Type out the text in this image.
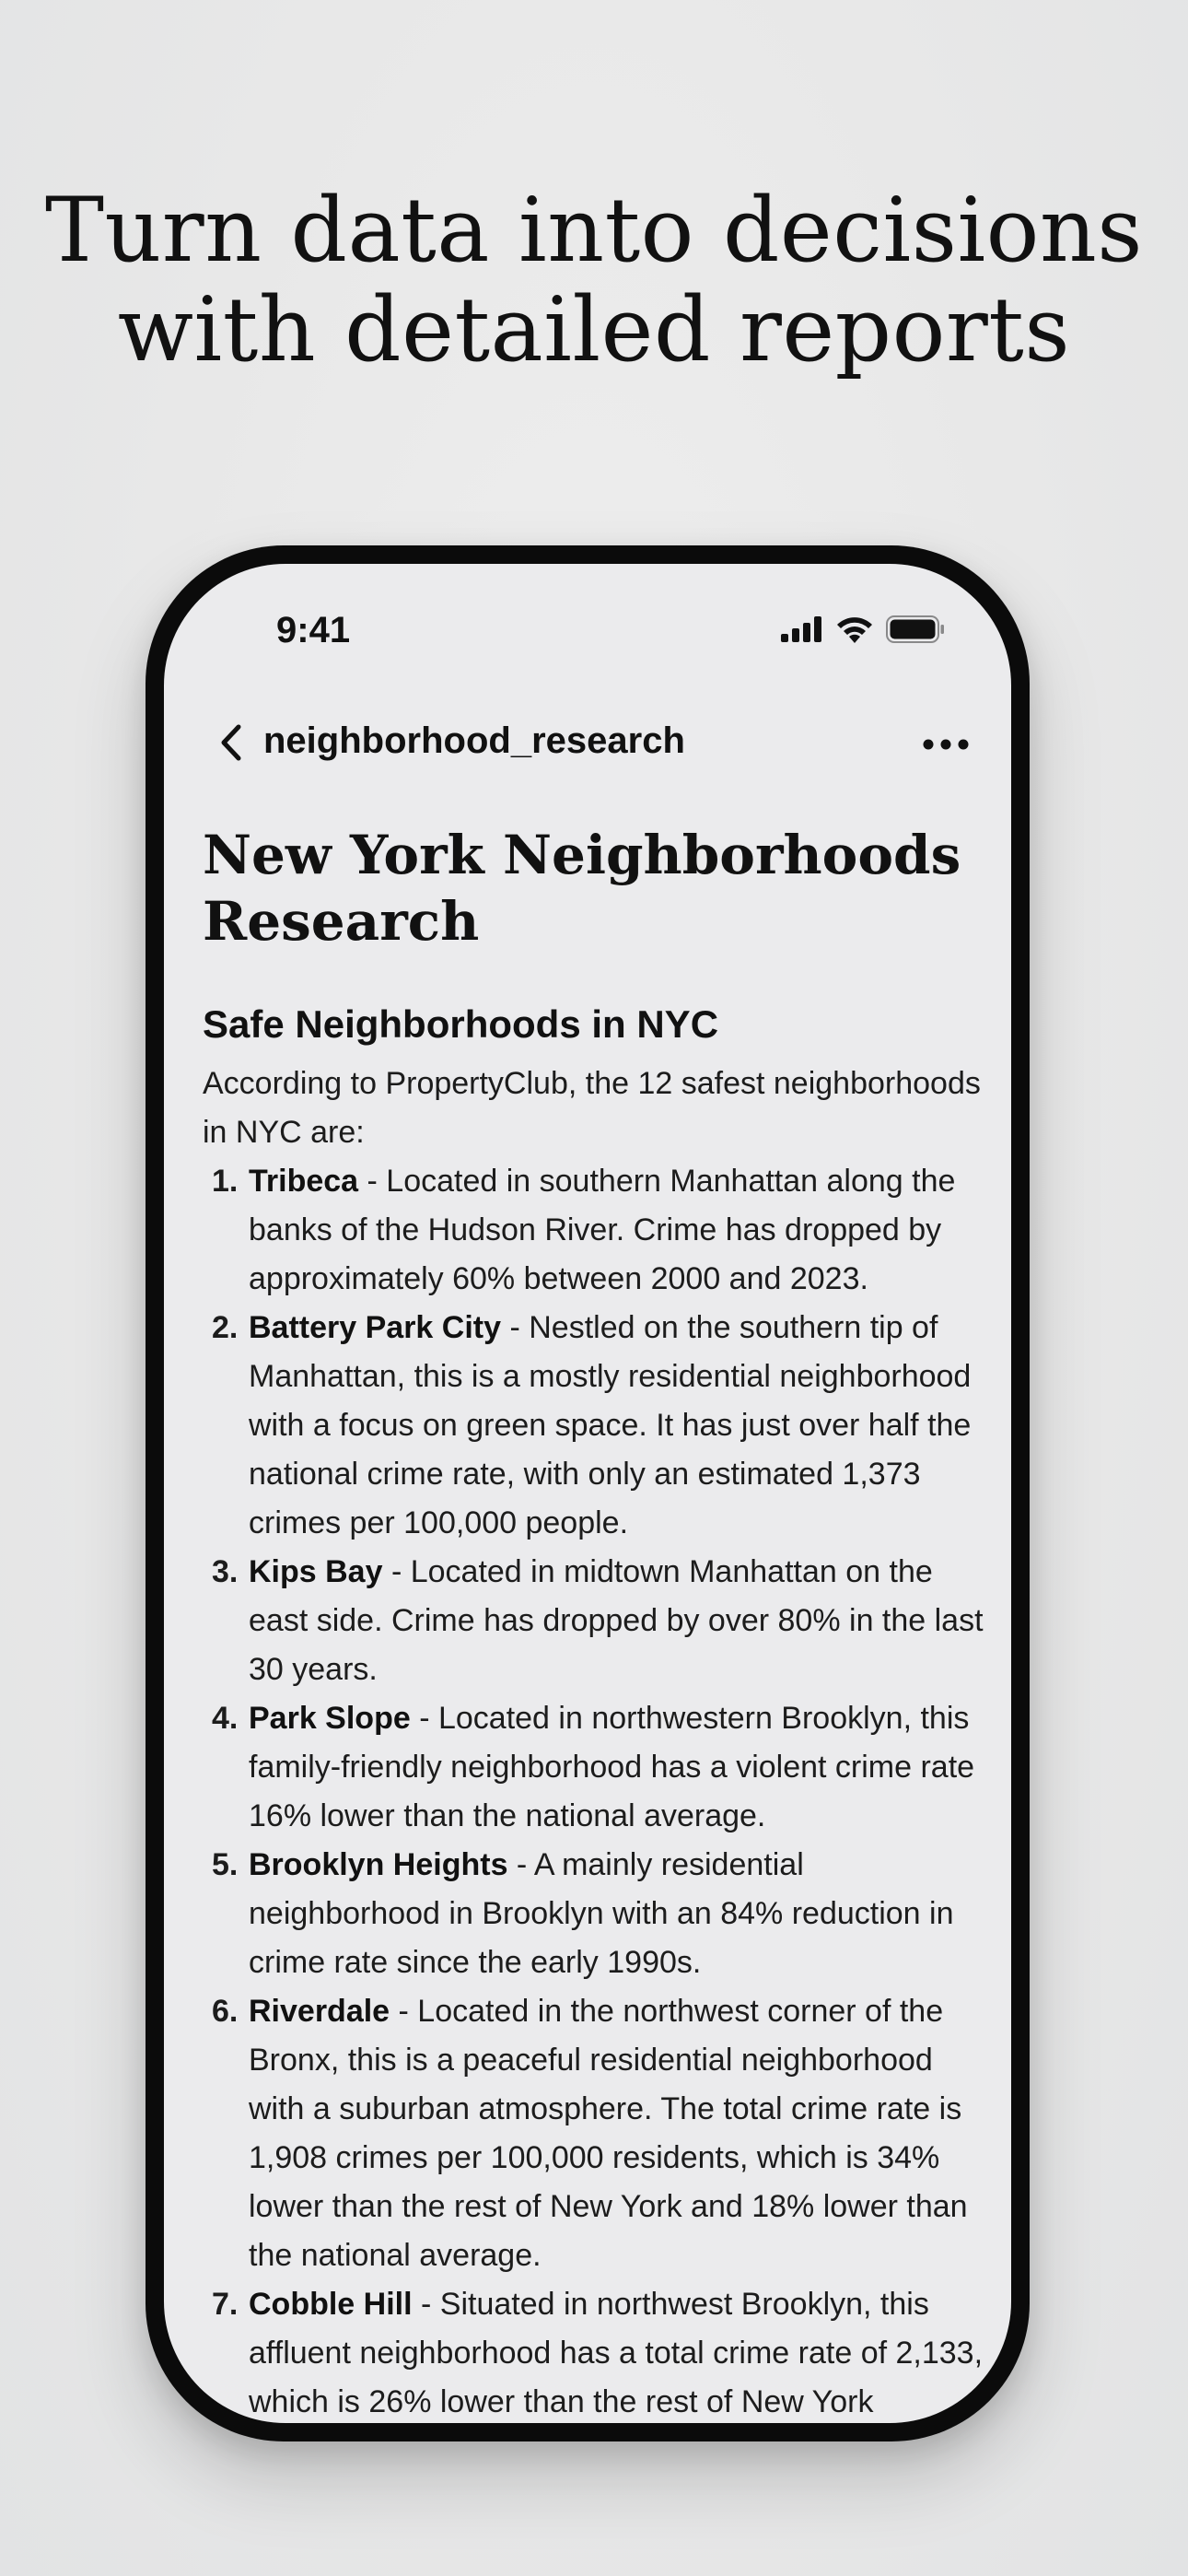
Turn data into decisions with detailed reports
9:41
neighborhood_research
New York Neighborhoods Research
Safe Neighborhoods in NYC

According to PropertyClub, the 12 safest neighborhoods in NYC are:

1. Tribeca - Located in southern Manhattan along the banks of the Hudson River. Crime has dropped by approximately 60% between 2000 and 2023.
2. Battery Park City - Nestled on the southern tip of Manhattan, this is a mostly residential neighborhood with a focus on green space. It has just over half the national crime rate, with only an estimated 1,373 crimes per 100,000 people.
3. Kips Bay - Located in midtown Manhattan on the east side. Crime has dropped by over 80% in the last 30 years.
4. Park Slope - Located in northwestern Brooklyn, this family-friendly neighborhood has a violent crime rate 16% lower than the national average.
5. Brooklyn Heights - A mainly residential neighborhood in Brooklyn with an 84% reduction in crime rate since the early 1990s.
6. Riverdale - Located in the northwest corner of the Bronx, this is a peaceful residential neighborhood with a suburban atmosphere. The total crime rate is 1,908 crimes per 100,000 residents, which is 34% lower than the rest of New York and 18% lower than the national average.
7. Cobble Hill - Situated in northwest Brooklyn, this affluent neighborhood has a total crime rate of 2,133, which is 26% lower than the rest of New York
